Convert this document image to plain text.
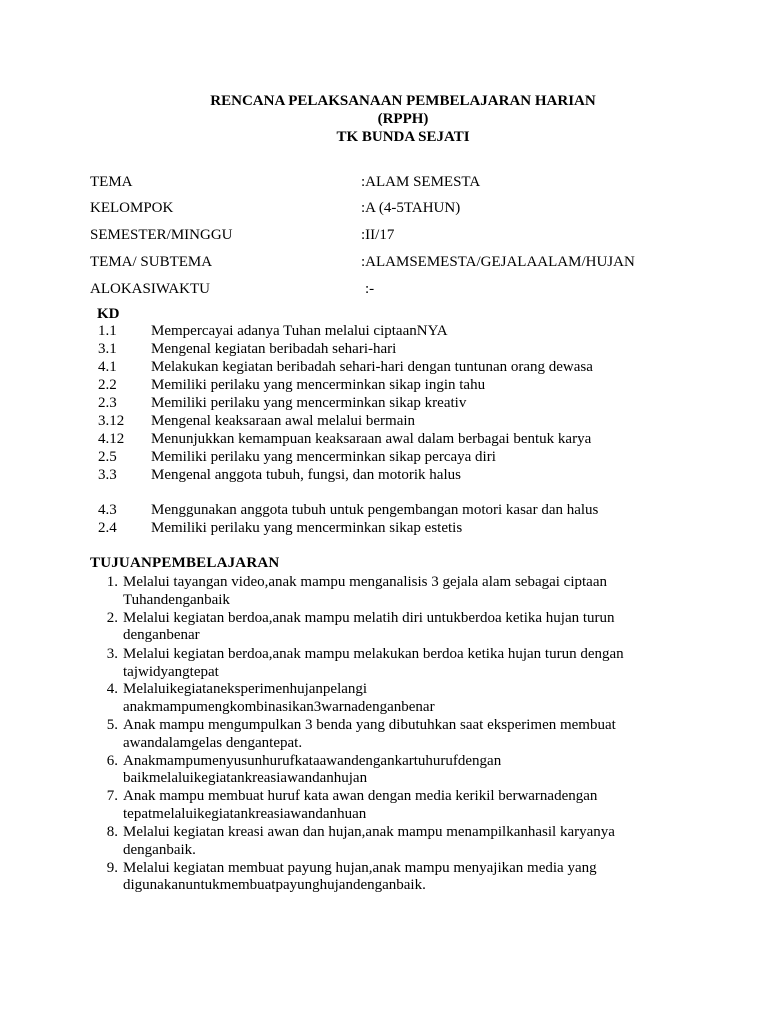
RENCANA PELAKSANAAN PEMBELAJARAN HARIAN
(RPPH)
TK BUNDA SEJATI
TEMA	:ALAM SEMESTA
KELOMPOK	:A (4-5TAHUN)
SEMESTER/MINGGU	:II/17
TEMA/ SUBTEMA	:ALAMSEMESTA/GEJALAALAM/HUJAN
ALOKASIWAKTU	:-
KD
1.1 Mempercayai adanya Tuhan melalui ciptaanNYA
3.1 Mengenal kegiatan beribadah sehari-hari
4.1 Melakukan kegiatan beribadah sehari-hari dengan tuntunan orang dewasa
2.2 Memiliki perilaku yang mencerminkan sikap ingin tahu
2.3 Memiliki perilaku yang mencerminkan sikap kreativ
3.12 Mengenal keaksaraan awal melalui bermain
4.12 Menunjukkan kemampuan keaksaraan awal dalam berbagai bentuk karya
2.5 Memiliki perilaku yang mencerminkan sikap percaya diri
3.3 Mengenal anggota tubuh, fungsi, dan motorik halus
4.3 Menggunakan anggota tubuh untuk pengembangan motori kasar dan halus
2.4 Memiliki perilaku yang mencerminkan sikap estetis
TUJUANPEMBELAJARAN
1. Melalui tayangan video,anak mampu menganalisis 3 gejala alam sebagai ciptaan
Tuhandenganbaik
2. Melalui kegiatan berdoa,anak mampu melatih diri untukberdoa ketika hujan turun
denganbenar
3. Melalui kegiatan berdoa,anak mampu melakukan berdoa ketika hujan turun dengan
tajwidyangtepat
4. Melaluikegiataneksperimenhujanpelangi
anakmampumengkombinasikan3warnadenganbenar
5. Anak mampu mengumpulkan 3 benda yang dibutuhkan saat eksperimen membuat
awandalamgelas dengantepat.
6. Anakmampumenyusunhurufkataawandengankartuhurufdengan
baikmelaluikegiatankreasiawandanhujan
7. Anak mampu membuat huruf kata awan dengan media kerikil berwarnadengan
tepatmelaluikegiatankreasiawandanhuan
8. Melalui kegiatan kreasi awan dan hujan,anak mampu menampilkanhasil karyanya
denganbaik.
9. Melalui kegiatan membuat payung hujan,anak mampu menyajikan media yang
digunakanuntukmembuatpayunghujandenganbaik.
